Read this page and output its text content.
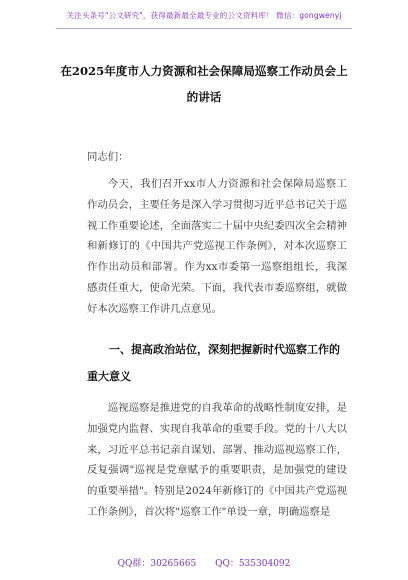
关注头条号"公文研究"，获得最新最全最专业的公文资料库！ 微信：gongwenyj
在2025年度市人力资源和社会保障局巡察工作动员会上的讲话
同志们：
今天，我们召开xx市人力资源和社会保障局巡察工作动员会，主要任务是深入学习贯彻习近平总书记关于巡视工作重要论述，全面落实二十届中央纪委四次全会精神和新修订的《中国共产党巡视工作条例》，对本次巡察工作作出动员和部署。作为xx市委第一巡察组组长，我深感责任重大，使命光荣。下面，我代表市委巡察组，就做好本次巡察工作讲几点意见。
一、提高政治站位，深刻把握新时代巡察工作的重大意义
巡视巡察是推进党的自我革命的战略性制度安排，是加强党内监督、实现自我革命的重要手段。党的十八大以来，习近平总书记亲自谋划、部署、推动巡视巡察工作，反复强调"巡视是党章赋予的重要职责，是加强党的建设的重要举措"。特别是2024年新修订的《中国共产党巡视工作条例》，首次将"巡察工作"单设一章，明确巡察是
QQ群：30265665 QQ：535304092
